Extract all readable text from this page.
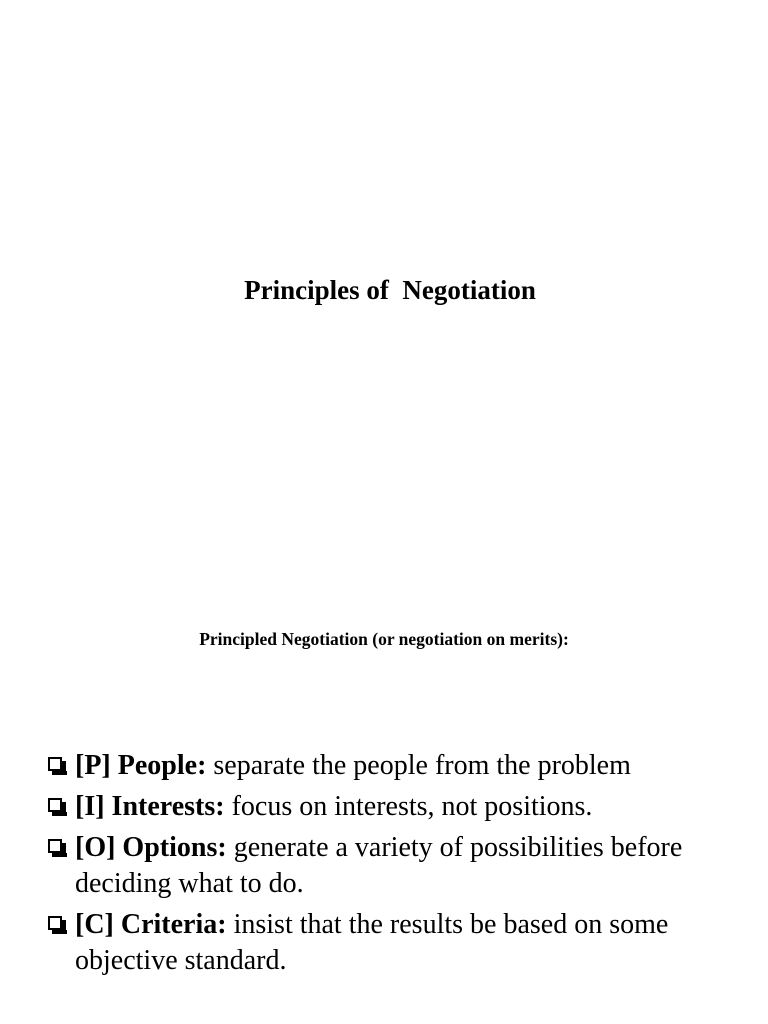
Principles of  Negotiation
Principled Negotiation (or negotiation on merits):
[P] People: separate the people from the problem
[I] Interests: focus on interests, not positions.
[O] Options: generate a variety of possibilities before deciding what to do.
[C] Criteria: insist that the results be based on some objective standard.
